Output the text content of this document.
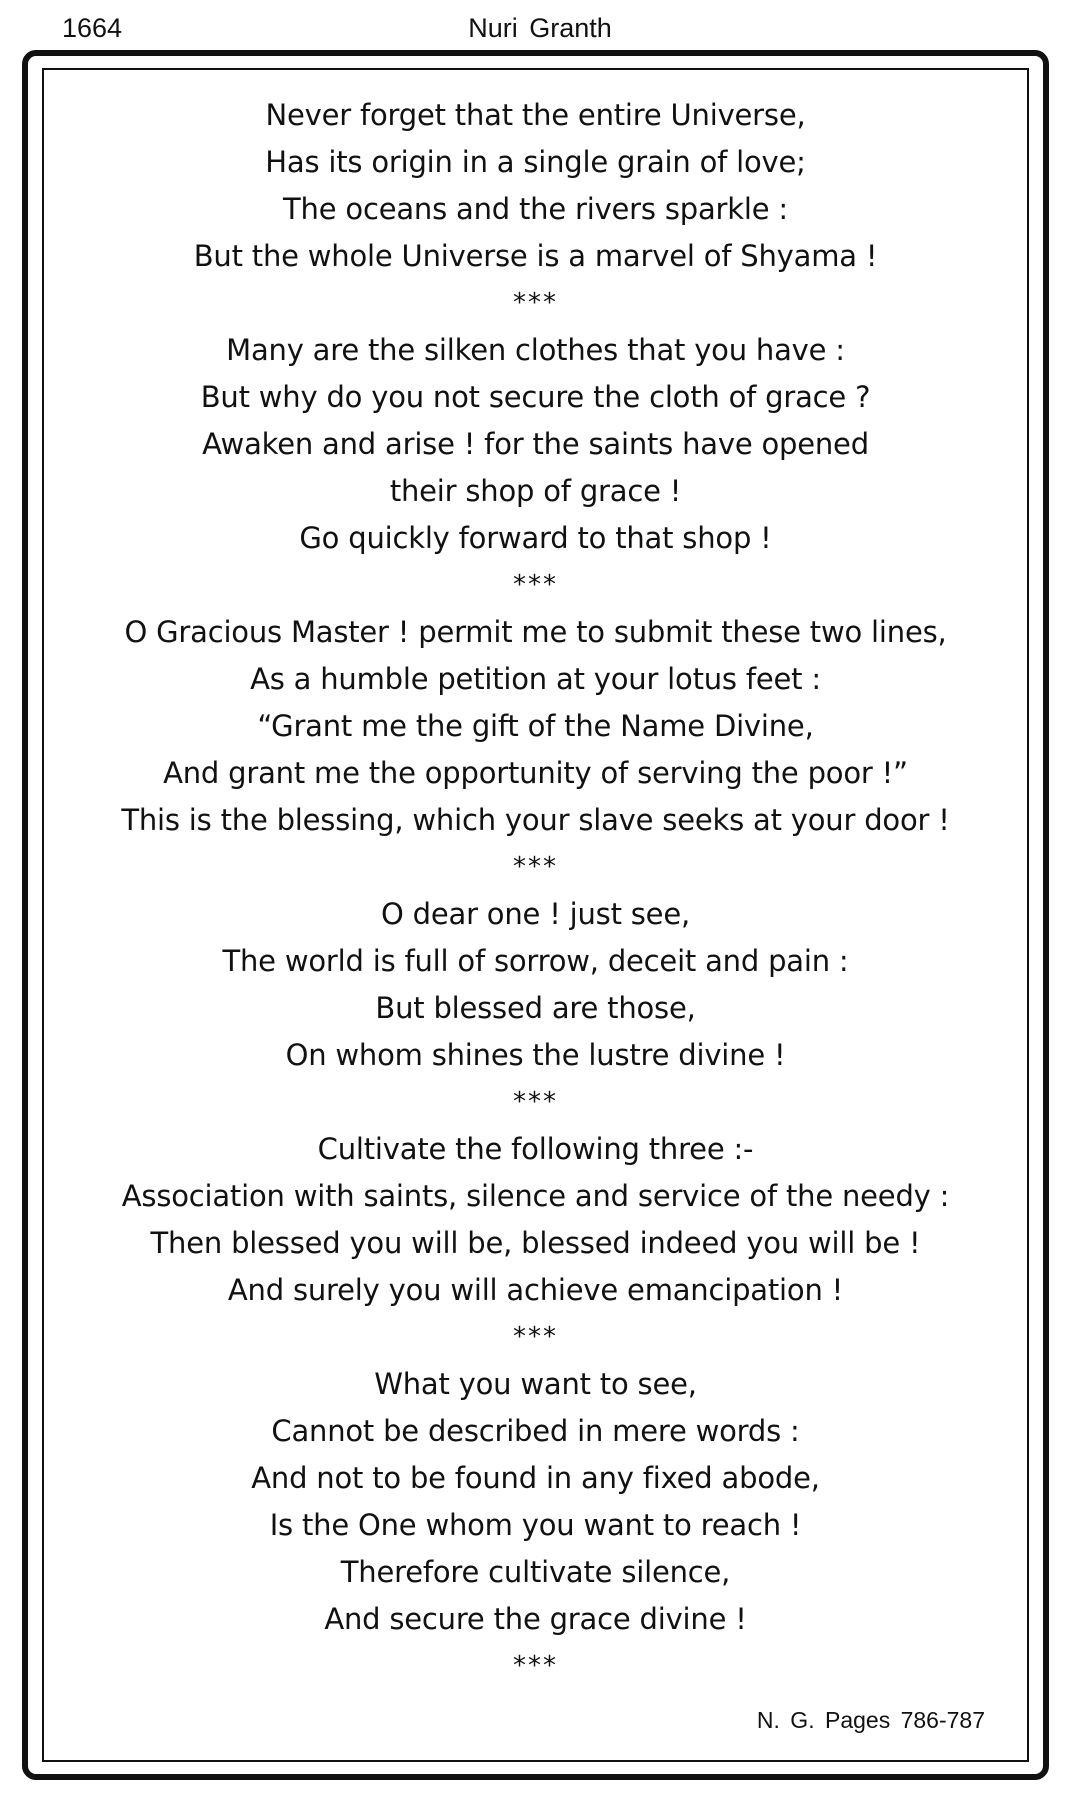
1664	Nuri Granth
Never forget that the entire Universe,
Has its origin in a single grain of love;
The oceans and the rivers sparkle :
But the whole Universe is a marvel of Shyama !
***
Many are the silken clothes that you have :
But why do you not secure the cloth of grace ?
Awaken and arise ! for the saints have opened
their shop of grace !
Go quickly forward to that shop !
***
O Gracious Master ! permit me to submit these two lines,
As a humble petition at your lotus feet :
“Grant me the gift of the Name Divine,
And grant me the opportunity of serving the poor !”
This is the blessing, which your slave seeks at your door !
***
O dear one ! just see,
The world is full of sorrow, deceit and pain :
But blessed are those,
On whom shines the lustre divine !
***
Cultivate the following three :-
Association with saints, silence and service of the needy :
Then blessed you will be, blessed indeed you will be !
And surely you will achieve emancipation !
***
What you want to see,
Cannot be described in mere words :
And not to be found in any fixed abode,
Is the One whom you want to reach !
Therefore cultivate silence,
And secure the grace divine !
***
N. G. Pages 786-787
